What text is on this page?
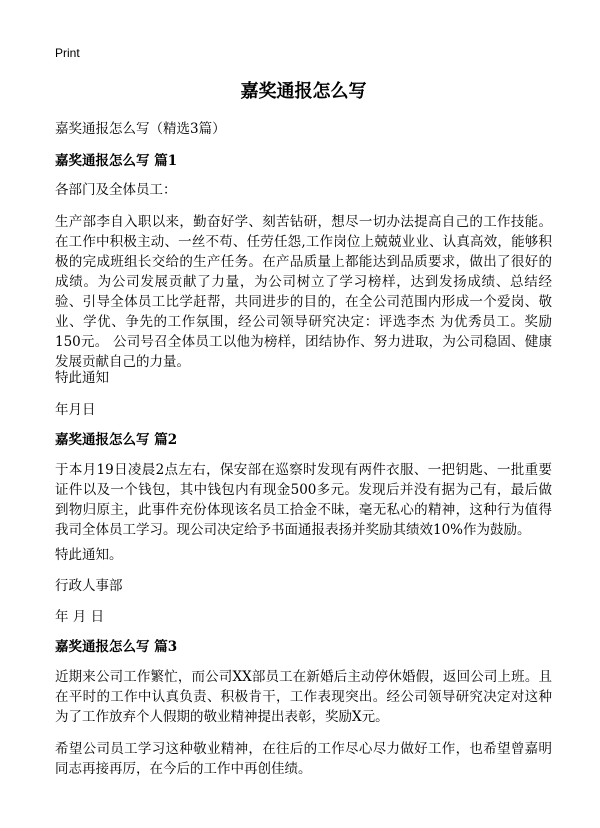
Print
嘉奖通报怎么写

嘉奖通报怎么写（精选3篇）

嘉奖通报怎么写 篇1

各部门及全体员工：

生产部李自入职以来，勤奋好学、刻苦钻研，想尽一切办法提高自己的工作技能。在工作中积极主动、一丝不苟、任劳任怨,工作岗位上兢兢业业、认真高效，能够积极的完成班组长交给的生产任务。在产品质量上都能达到品质要求，做出了很好的成绩。为公司发展贡献了力量，为公司树立了学习榜样，达到发扬成绩、总结经验、引导全体员工比学赶帮，共同进步的目的，在全公司范围内形成一个爱岗、敬业、学优、争先的工作氛围，经公司领导研究决定：评选李杰 为优秀员工。奖励150元。 公司号召全体员工以他为榜样，团结协作、努力进取，为公司稳固、健康发展贡献自己的力量。

特此通知

年月日

嘉奖通报怎么写 篇2

于本月19日凌晨2点左右，保安部在巡察时发现有两件衣服、一把钥匙、一批重要证件以及一个钱包，其中钱包内有现金500多元。发现后并没有据为己有，最后做到物归原主，此事件充份体现该名员工拾金不昧，毫无私心的精神，这种行为值得我司全体员工学习。现公司决定给予书面通报表扬并奖励其绩效10%作为鼓励。

特此通知。

行政人事部

年 月 日

嘉奖通报怎么写 篇3

近期来公司工作繁忙，而公司XX部员工在新婚后主动停休婚假，返回公司上班。且在平时的工作中认真负责、积极肯干，工作表现突出。经公司领导研究决定对这种为了工作放弃个人假期的敬业精神提出表彰，奖励X元。

希望公司员工学习这种敬业精神，在往后的工作尽心尽力做好工作，也希望曾嘉明同志再接再厉，在今后的工作中再创佳绩。
